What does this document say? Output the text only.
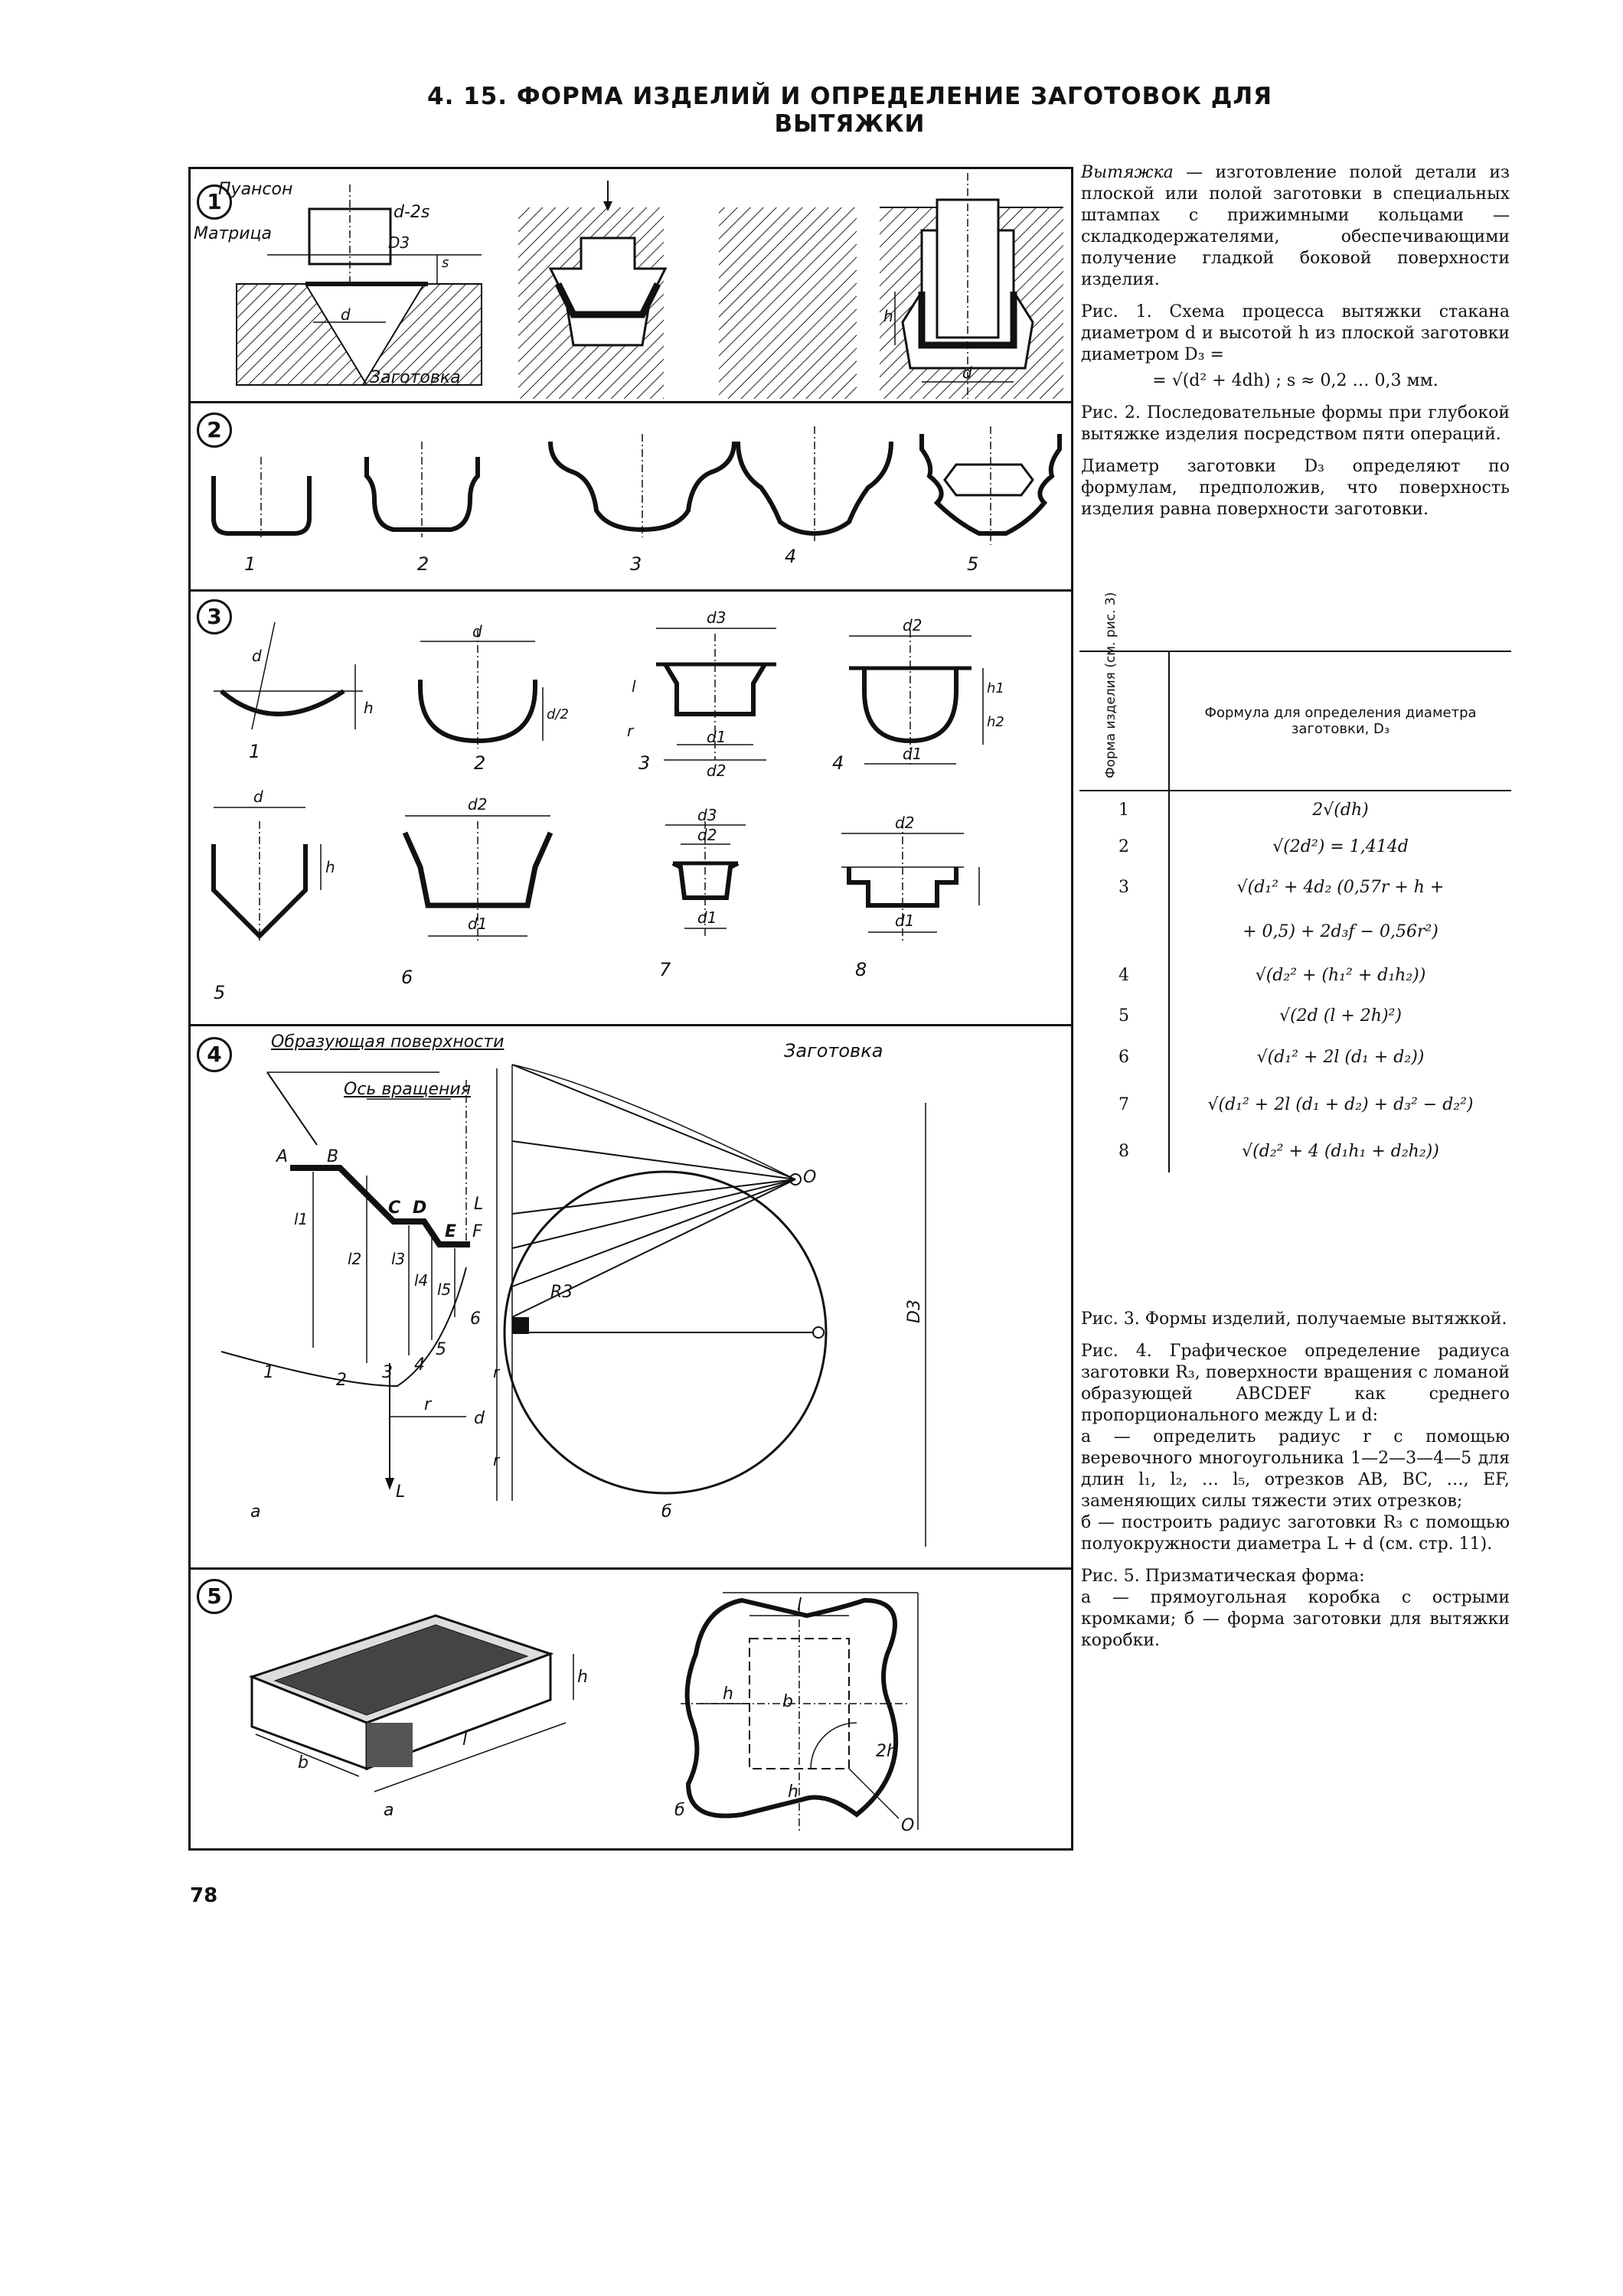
4. 15. ФОРМА ИЗДЕЛИЙ И ОПРЕДЕЛЕНИЕ ЗАГОТОВОК ДЛЯ ВЫТЯЖКИ
1
Пуансон
Матрица
Заготовка
d-2s
D3
s
d	h
d
2
1	2	3	4	5
3
d
h
d
d/2
d3
d1
d2
l
r
d2
d1
h1
h2
d
h
d2
d1
d3
d2
d1
d2
d1
1
2	3	4
5
6	7	8
4	Образующая поверхности
Ось вращения
Заготовка
A B
C D
E F
l1
l2 l3
l4 l5
1	2 3 4
5
6
r
L
а
L
d
r
r
R3
D3
O
б
5
h
l
b
а
l
h	b
h
2h
O
б

Вытяжка — изготовление полой детали из плоской или полой заготовки в специальных штампах с прижимными кольцами — складкодержателями, обеспечивающими получение гладкой боковой поверхности изделия.

Рис. 1. Схема процесса вытяжки стакана диаметром d и высотой h из плоской заготовки диаметром D₃ =

= √(d² + 4dh) ; s ≈ 0,2 … 0,3 мм.

Рис. 2. Последовательные формы при глубокой вытяжке изделия посредством пяти операций.

Диаметр заготовки D₃ определяют по формулам, предположив, что поверхность изделия равна поверхности заготовки.

Форма изделия (см. рис. 3)	Формула для определения диаметра заготовки, D₃
1	2√(dh)
2	√(2d²) = 1,414d
3	√(d₁² + 4d₂ (0,57r + h +
	+ 0,5) + 2d₃f − 0,56r²)
4	√(d₂² + (h₁² + d₁h₂))
5	√(2d (l + 2h)²)
6	√(d₁² + 2l (d₁ + d₂))
7	√(d₁² + 2l (d₁ + d₂) + d₃² − d₂²)
8	√(d₂² + 4 (d₁h₁ + d₂h₂))

Рис. 3. Формы изделий, получаемые вытяжкой.

Рис. 4. Графическое определение радиуса заготовки R₃, поверхности вращения с ломаной образующей ABCDEF как среднего пропорционального между L и d:

а — определить радиус r с помощью веревочного многоугольника 1—2—3—4—5 для длин l₁, l₂, … l₅, отрезков AB, BC, …, EF, заменяющих силы тяжести этих отрезков;

б — построить радиус заготовки R₃ с помощью полуокружности диаметра L + d (см. стр. 11).

Рис. 5. Призматическая форма:

а — прямоугольная коробка с острыми кромками; б — форма заготовки для вытяжки коробки.

78
